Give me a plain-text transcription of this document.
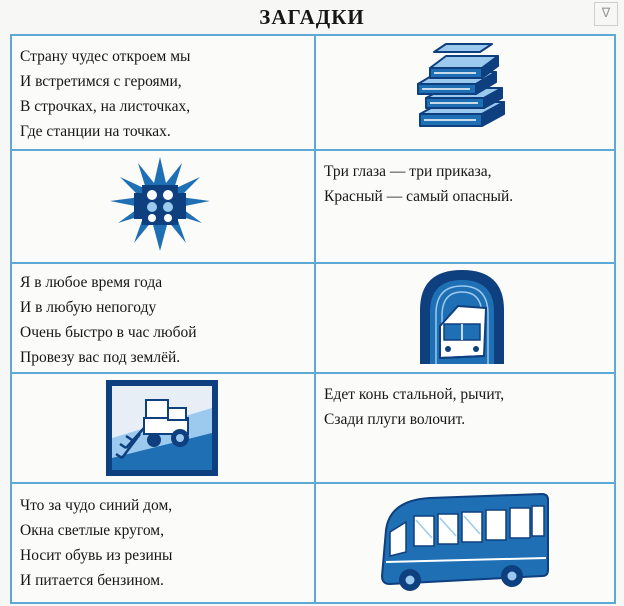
∇
ЗАГАДКИ
Страну чудес откроем мы
И встретимся с героями,
В строчках, на листочках,
Где станции на точках.
Три глаза — три приказа,
Красный — самый опасный.
Я в любое время года
И в любую непогоду
Очень быстро в час любой
Провезу вас под землёй.
Едет конь стальной, рычит,
Сзади плуги волочит.
Что за чудо синий дом,
Окна светлые кругом,
Носит обувь из резины
И питается бензином.
